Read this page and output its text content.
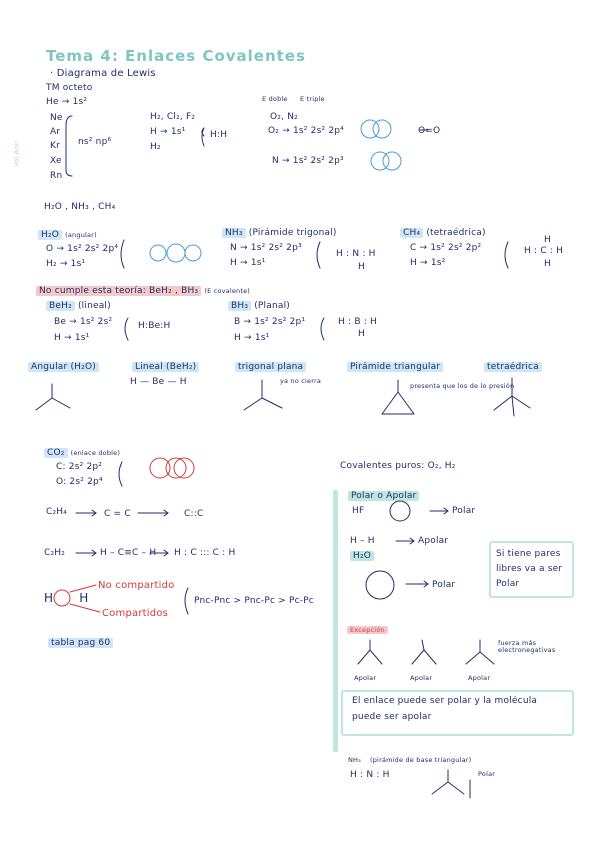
Tema 4: Enlaces Covalentes
· Diagrama de Lewis
Vol Anir
TM octeto
He → 1s²
Ne
Ar
Kr
Xe
Rn
ns² np⁶
H₂, Cl₂, F₂
H → 1s¹
H₂
H:H
E doble E triple
O₂, N₂
O₂ → 1s² 2s² 2p⁴	O=O
N → 1s² 2s² 2p³
H₂O , NH₃ , CH₄
H₂O (angular)
O → 1s² 2s² 2p⁴
H₂ → 1s¹
NH₃ (Pirámide trigonal)
N → 1s² 2s² 2p³
H → 1s¹
H : N : H
H
CH₄ (tetraédrica)
C → 1s² 2s² 2p²
H → 1s²
H : C : H
H
H
No cumple esta teoría: BeH₂ , BH₃ (E covalente)
BeH₂ (lineal)
Be → 1s² 2s²
H → 1s¹
H:Be:H
BH₃ (Planal)
B → 1s² 2s² 2p¹
H → 1s¹
H : B : H
H
Angular (H₂O)	Lineal (BeH₂)
H — Be — H
trigonal plana
ya no cierra
Pirámide triangular
presenta que los de lo presión
tetraédrica
CO₂ (enlace doble)
C: 2s² 2p²
O: 2s² 2p⁴
C₂H₄	C = C	C::C
C₂H₂	H – C≡C – H H : C ::: C : H
H H
No compartido
Compartidos
Pnc-Pnc > Pnc-Pc > Pc-Pc
tabla pag 60
Covalentes puros: O₂, H₂
Polar o Apolar
HF	Polar
H – H	Apolar
H₂O
Polar
Si tiene pares
libres va a ser
Polar
Excepción
Apolar	Apolar	Apolar
fuerza más electronegativas
El enlace puede ser polar y la molécula
puede ser apolar
NH₃ (pirámide de base triangular)
H : N : H	Polar
